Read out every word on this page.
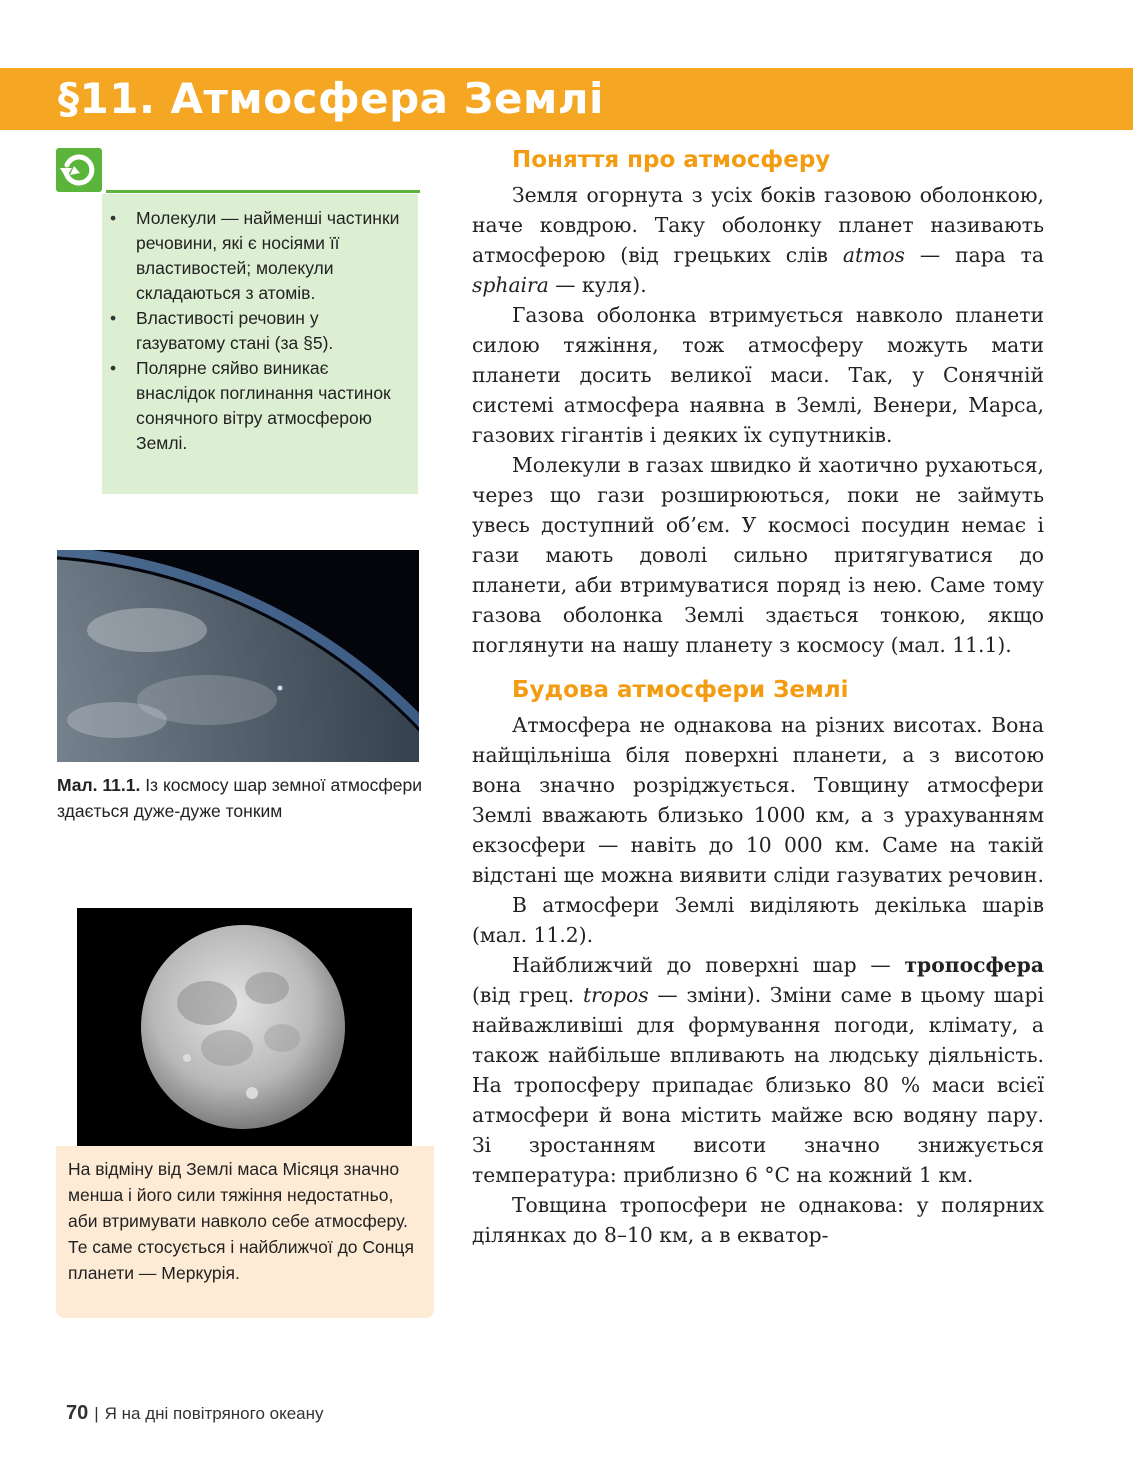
§11. Атмосфера Землі
• Молекули — найменші частинки речовини, які є носіями її властивостей; молекули складаються з атомів.
• Властивості речовин у газуватому стані (за §5).
• Полярне сяйво виникає внаслідок поглинання частинок сонячного вітру атмосферою Землі.
Мал. 11.1. Із космосу шар земної атмосфери здається дуже-дуже тонким

На відміну від Землі маса Місяця значно менша і його сили тяжіння недостатньо, аби втримувати навколо себе атмосферу. Те саме стосується і найближчої до Сонця планети — Меркурія.

Поняття про атмосферу

Земля огорнута з усіх боків газовою оболонкою, наче ковдрою. Таку оболонку планет називають атмосферою (від грецьких слів atmos — пара та sphaira — куля).

Газова оболонка втримується навколо планети силою тяжіння, тож атмосферу можуть мати планети досить великої маси. Так, у Сонячній системі атмосфера наявна в Землі, Венери, Марса, газових гігантів і деяких їх супутників.

Молекули в газах швидко й хаотично рухаються, через що гази розширюються, поки не займуть увесь доступний об’єм. У космосі посудин немає і гази мають доволі сильно притягуватися до планети, аби втримуватися поряд із нею. Саме тому газова оболонка Землі здається тонкою, якщо поглянути на нашу планету з космосу (мал. 11.1).

Будова атмосфери Землі

Атмосфера не однакова на різних висотах. Вона найщільніша біля поверхні планети, а з висотою вона значно розріджується. Товщину атмосфери Землі вважають близько 1000 км, а з урахуванням екзосфери — навіть до 10 000 км. Саме на такій відстані ще можна виявити сліди газуватих речовин.

В атмосфери Землі виділяють декілька шарів (мал. 11.2).

Найближчий до поверхні шар — тропосфера (від грец. tropos — зміни). Зміни саме в цьому шарі найважливіші для формування погоди, клімату, а також найбільше впливають на людську діяльність. На тропосферу припадає близько 80 % маси всієї атмосфери й вона містить майже всю водяну пару. Зі зростанням висоти значно знижується температура: приблизно 6 °С на кожний 1 км.

Товщина тропосфери не однакова: у полярних ділянках до 8–10 км, а в екватор-

70 | Я на дні повітряного океану
